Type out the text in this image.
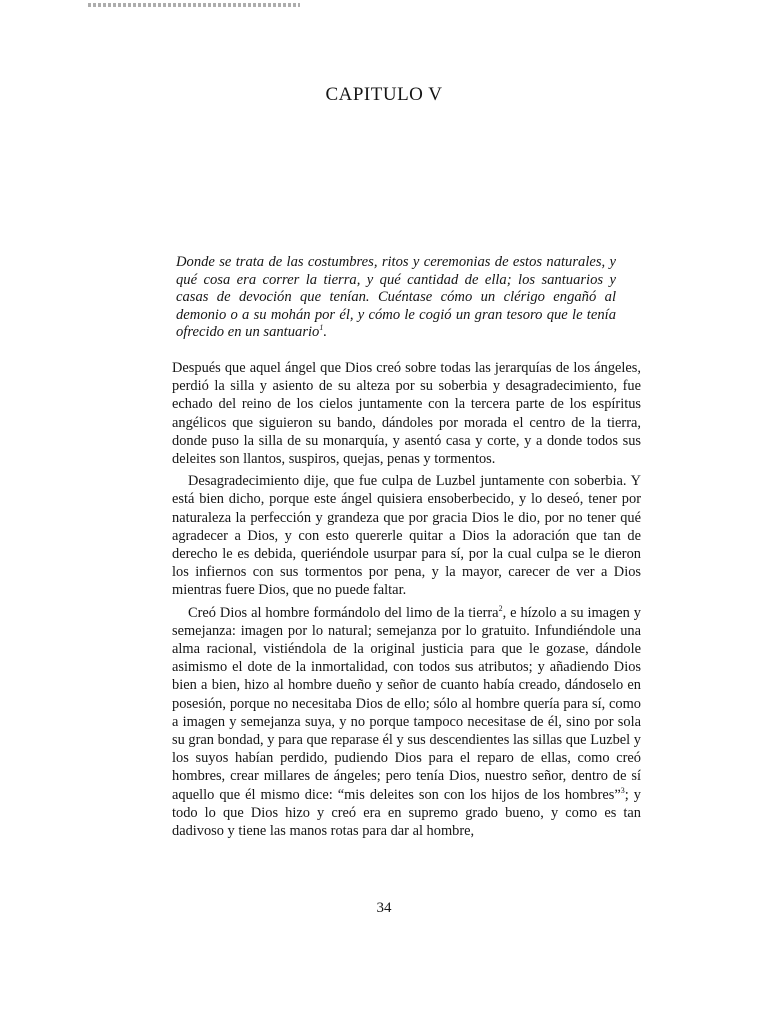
CAPITULO V

Donde se trata de las costumbres, ritos y ceremonias de estos naturales, y qué cosa era correr la tierra, y qué cantidad de ella; los santuarios y casas de devoción que tenían. Cuéntase cómo un clérigo engañó al demonio o a su mohán por él, y cómo le cogió un gran tesoro que le tenía ofrecido en un santuario$^1$.

Después que aquel ángel que Dios creó sobre todas las jerarquías de los ángeles, perdió la silla y asiento de su alteza por su soberbia y desagradecimiento, fue echado del reino de los cielos juntamente con la tercera parte de los espíritus angélicos que siguieron su bando, dándoles por morada el centro de la tierra, donde puso la silla de su monarquía, y asentó casa y corte, y a donde todos sus deleites son llantos, suspiros, quejas, penas y tormentos.

Desagradecimiento dije, que fue culpa de Luzbel juntamente con soberbia. Y está bien dicho, porque este ángel quisiera ensoberbecido, y lo deseó, tener por naturaleza la perfección y grandeza que por gracia Dios le dio, por no tener qué agradecer a Dios, y con esto quererle quitar a Dios la adoración que tan de derecho le es debida, queriéndole usurpar para sí, por la cual culpa se le dieron los infiernos con sus tormentos por pena, y la mayor, carecer de ver a Dios mientras fuere Dios, que no puede faltar.

Creó Dios al hombre formándolo del limo de la tierra$^2$, e hízolo a su imagen y semejanza: imagen por lo natural; semejanza por lo gratuito. Infundiéndole una alma racional, vistiéndola de la original justicia para que le gozase, dándole asimismo el dote de la inmortalidad, con todos sus atributos; y añadiendo Dios bien a bien, hizo al hombre dueño y señor de cuanto había creado, dándoselo en posesión, porque no necesitaba Dios de ello; sólo al hombre quería para sí, como a imagen y semejanza suya, y no porque tampoco necesitase de él, sino por sola su gran bondad, y para que reparase él y sus descendientes las sillas que Luzbel y los suyos habían perdido, pudiendo Dios para el reparo de ellas, como creó hombres, crear millares de ángeles; pero tenía Dios, nuestro señor, dentro de sí aquello que él mismo dice: “mis deleites son con los hijos de los hombres”$^3$; y todo lo que Dios hizo y creó era en supremo grado bueno, y como es tan dadivoso y tiene las manos rotas para dar al hombre,

34
